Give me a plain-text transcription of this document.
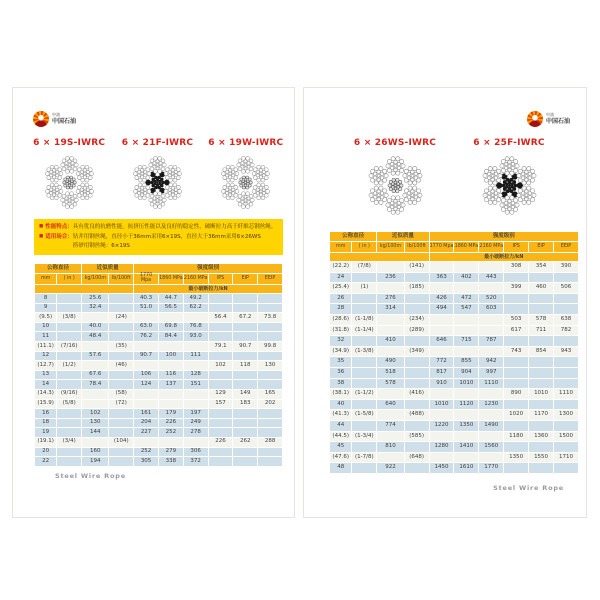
中油
中国石油
6 × 19S-IWRC 6 × 21F-IWRC 6 × 19W-IWRC
■ 性能特点： 具有优良的抗磨性能，抗挤压性能以及良好的稳定性，破断拉力高于纤维芯钢丝绳。
■ 适用场合： 钻井用钢丝绳，直径小于36mm采用6×19S，直径大于36mm采用6×26WS
捞砂用钢丝绳：6×19S
公称直径		近似质量		强度级别					
mm	( in )	kg/100m	lb/100ft	1770 Mpa	1860 MPa	2160 MPa	IPS	EIP	EEIP
				最小破断拉力/kN					
8		25.6		40.3	44.7	49.2			
9		32.4		51.0	56.5	62.2			
(9.5)	(3/8)		(24)				56.4	67.2	73.8
10		40.0		63.0	69.8	76.8			
11		48.4		76.2	84.4	93.0			
(11.1)	(7/16)		(35)				79.1	90.7	99.8
12		57.6		90.7	100	111			
(12.7)	(1/2)		(46)				102	118	130
13		67.6		106	116	128			
14		78.4		124	137	151			
(14.3)	(9/16)		(58)				129	149	165
(15.9)	(5/8)		(72)				157	183	202
16		102		161	179	197			
18		130		204	226	249			
19		144		227	252	278			
(19.1)	(3/4)		(104)				226	262	288
20		160		252	279	306			
22		194		305	338	372			
Steel Wire Rope
中油
中国石油
6 × 26WS-IWRC	6 × 25F-IWRC
公称直径		近似质量		强度级别					
mm	( in )	kg/100m	lb/100ft	1770 Mpa	1860 MPa	2160 MPa	IPS	EIP	EEIP
				最小破断拉力/kN					
(22.2)	(7/8)		(141)				308	354	390
24		236		363	402	443			
(25.4)	(1)		(185)				399	460	506
26		276		426	472	520			
28		314		494	547	603			
(28.6)	(1-1/8)		(234)				503	578	638
(31.8)	(1-1/4)		(289)				617	711	782
32		410		646	715	787			
(34.9)	(1-3/8)		(349)				743	854	943
35		490		772	855	942			
36		518		817	904	997			
38		578		910	1010	1110			
(38.1)	(1-1/2)		(416)				890	1010	1110
40		640		1010	1120	1230			
(41.3)	(1-5/8)		(488)				1020	1170	1300
44		774		1220	1350	1490			
(44.5)	(1-3/4)		(585)				1180	1360	1500
45		810		1280	1410	1560			
(47.6)	(1-7/8)		(648)				1350	1550	1710
48		922		1450	1610	1770			
Steel Wire Rope
